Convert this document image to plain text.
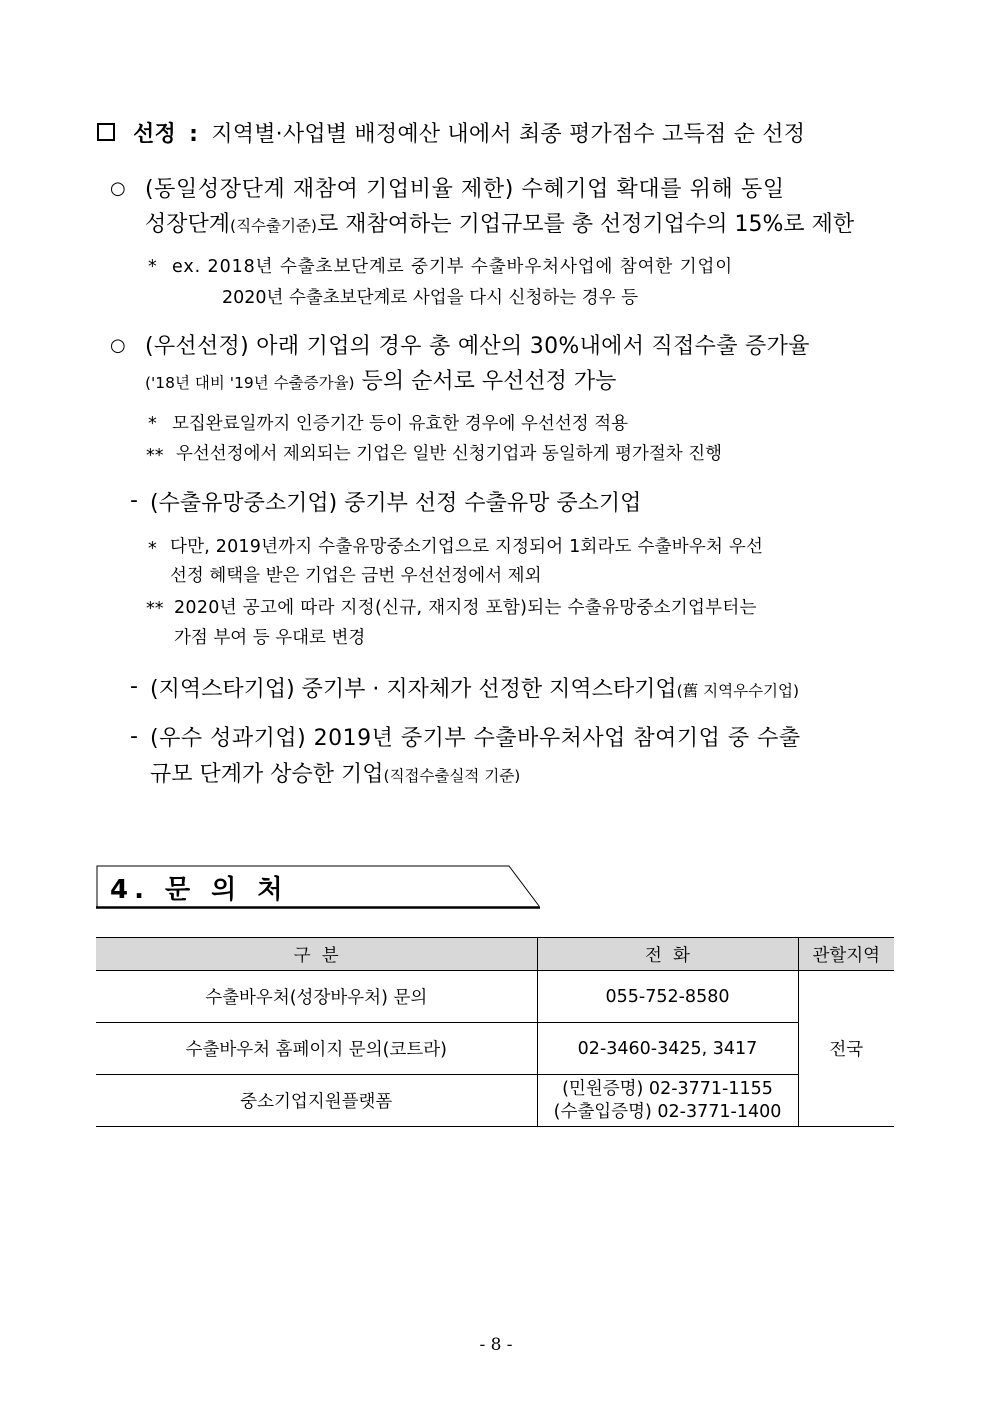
선정 : 지역별·사업별 배정예산 내에서 최종 평가점수 고득점 순 선정
○ (동일성장단계 재참여 기업비율 제한) 수혜기업 확대를 위해 동일
성장단계(직수출기준)로 재참여하는 기업규모를 총 선정기업수의 15%로 제한
* ex. 2018년 수출초보단계로 중기부 수출바우처사업에 참여한 기업이
2020년 수출초보단계로 사업을 다시 신청하는 경우 등
○ (우선선정) 아래 기업의 경우 총 예산의 30%내에서 직접수출 증가율
('18년 대비 '19년 수출증가율) 등의 순서로 우선선정 가능
* 모집완료일까지 인증기간 등이 유효한 경우에 우선선정 적용
** 우선선정에서 제외되는 기업은 일반 신청기업과 동일하게 평가절차 진행
- (수출유망중소기업) 중기부 선정 수출유망 중소기업
* 다만, 2019년까지 수출유망중소기업으로 지정되어 1회라도 수출바우처 우선
선정 혜택을 받은 기업은 금번 우선선정에서 제외
** 2020년 공고에 따라 지정(신규, 재지정 포함)되는 수출유망중소기업부터는
가점 부여 등 우대로 변경
- (지역스타기업) 중기부 · 지자체가 선정한 지역스타기업(舊 지역우수기업)
- (우수 성과기업) 2019년 중기부 수출바우처사업 참여기업 중 수출
규모 단계가 상승한 기업(직접수출실적 기준)
4. 문 의 처
구  분	전  화	관할지역
수출바우처(성장바우처) 문의	055-752-8580	전국
수출바우처 홈페이지 문의(코트라)	02-3460-3425, 3417	
중소기업지원플랫폼	(민원증명) 02-3771-1155
(수출입증명) 02-3771-1400	
- 8 -
